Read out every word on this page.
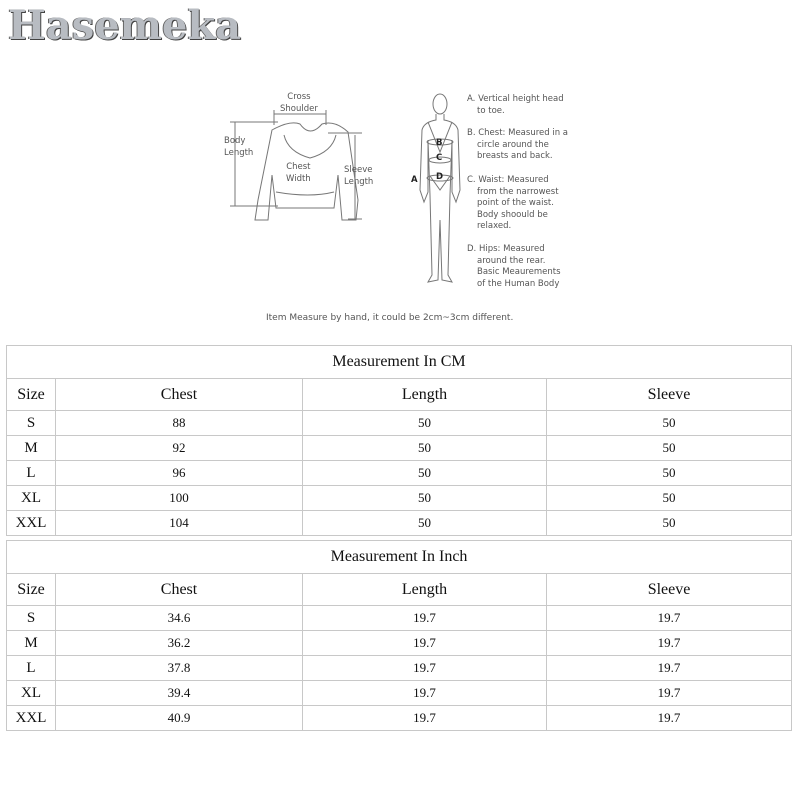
Hasemeka
Cross
Shoulder
Body
Length
Chest
Width
Sleeve
Length	A
B
C
D
A. Vertical height head
to toe.
B. Chest: Measured in a
circle around the
breasts and back.
C. Waist: Measured
from the narrowest
point of the waist.
Body shoould be
relaxed.
D. Hips: Measured
around the rear.
Basic Meaurements
of the Human Body
Item Measure by hand, it could be 2cm~3cm different.
Measurement In CM			
Size	Chest	Length	Sleeve
S	88	50	50
M	92	50	50
L	96	50	50
XL	100	50	50
XXL	104	50	50
Measurement In Inch			
Size	Chest	Length	Sleeve
S	34.6	19.7	19.7
M	36.2	19.7	19.7
L	37.8	19.7	19.7
XL	39.4	19.7	19.7
XXL	40.9	19.7	19.7
